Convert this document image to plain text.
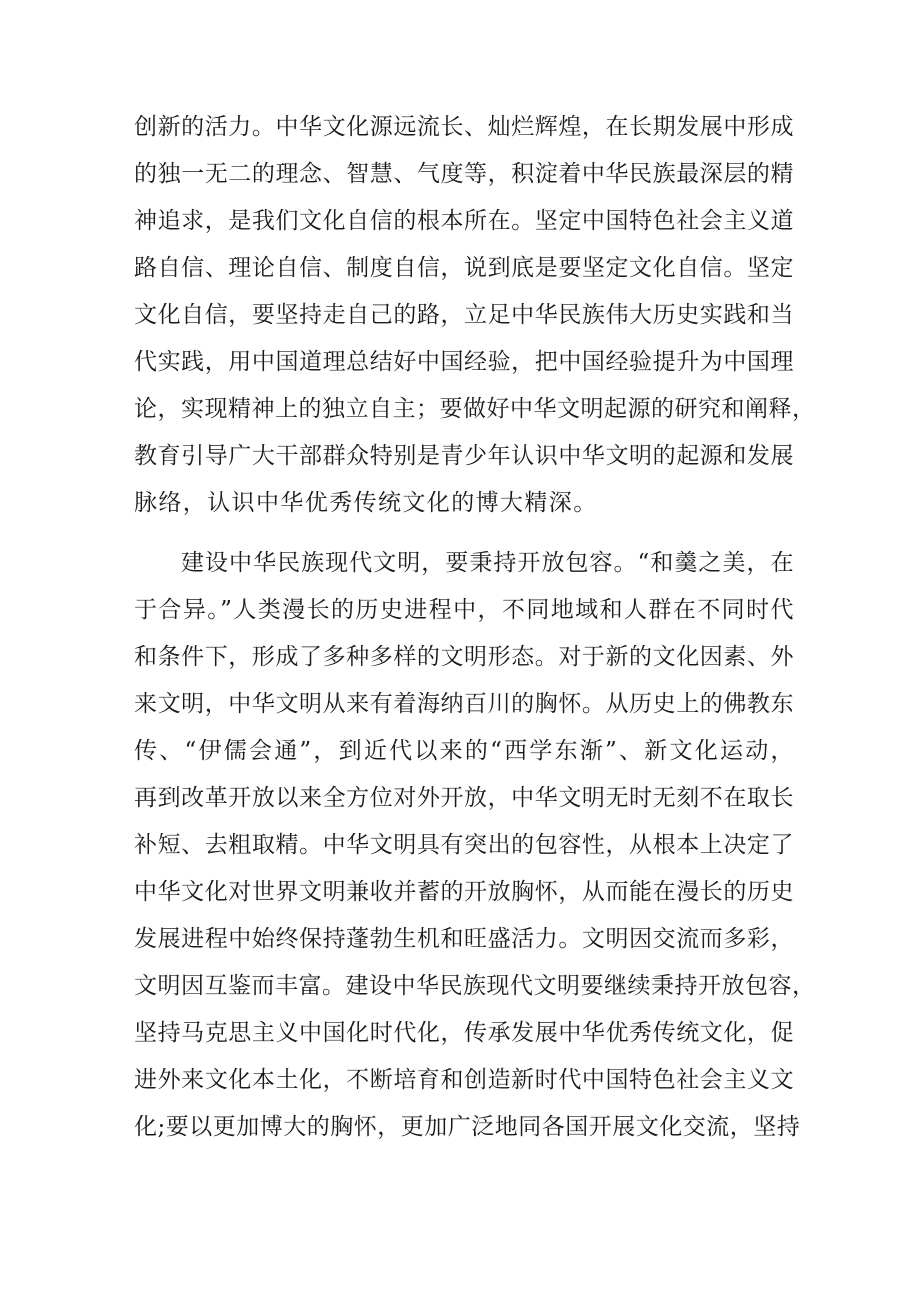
创新的活力。中华文化源远流长、灿烂辉煌，在长期发展中形成

的独一无二的理念、智慧、气度等，积淀着中华民族最深层的精

神追求，是我们文化自信的根本所在。坚定中国特色社会主义道

路自信、理论自信、制度自信，说到底是要坚定文化自信。坚定

文化自信，要坚持走自己的路，立足中华民族伟大历史实践和当

代实践，用中国道理总结好中国经验，把中国经验提升为中国理

论，实现精神上的独立自主；要做好中华文明起源的研究和阐释，

教育引导广大干部群众特别是青少年认识中华文明的起源和发展

脉络，认识中华优秀传统文化的博大精深。

建设中华民族现代文明，要秉持开放包容。“和羹之美，在

于合异。”人类漫长的历史进程中，不同地域和人群在不同时代

和条件下，形成了多种多样的文明形态。对于新的文化因素、外

来文明，中华文明从来有着海纳百川的胸怀。从历史上的佛教东

传、“伊儒会通”，到近代以来的“西学东渐”、新文化运动，

再到改革开放以来全方位对外开放，中华文明无时无刻不在取长

补短、去粗取精。中华文明具有突出的包容性，从根本上决定了

中华文化对世界文明兼收并蓄的开放胸怀，从而能在漫长的历史

发展进程中始终保持蓬勃生机和旺盛活力。文明因交流而多彩，

文明因互鉴而丰富。建设中华民族现代文明要继续秉持开放包容，

坚持马克思主义中国化时代化，传承发展中华优秀传统文化，促

进外来文化本土化，不断培育和创造新时代中国特色社会主义文

化;要以更加博大的胸怀，更加广泛地同各国开展文化交流，坚持
